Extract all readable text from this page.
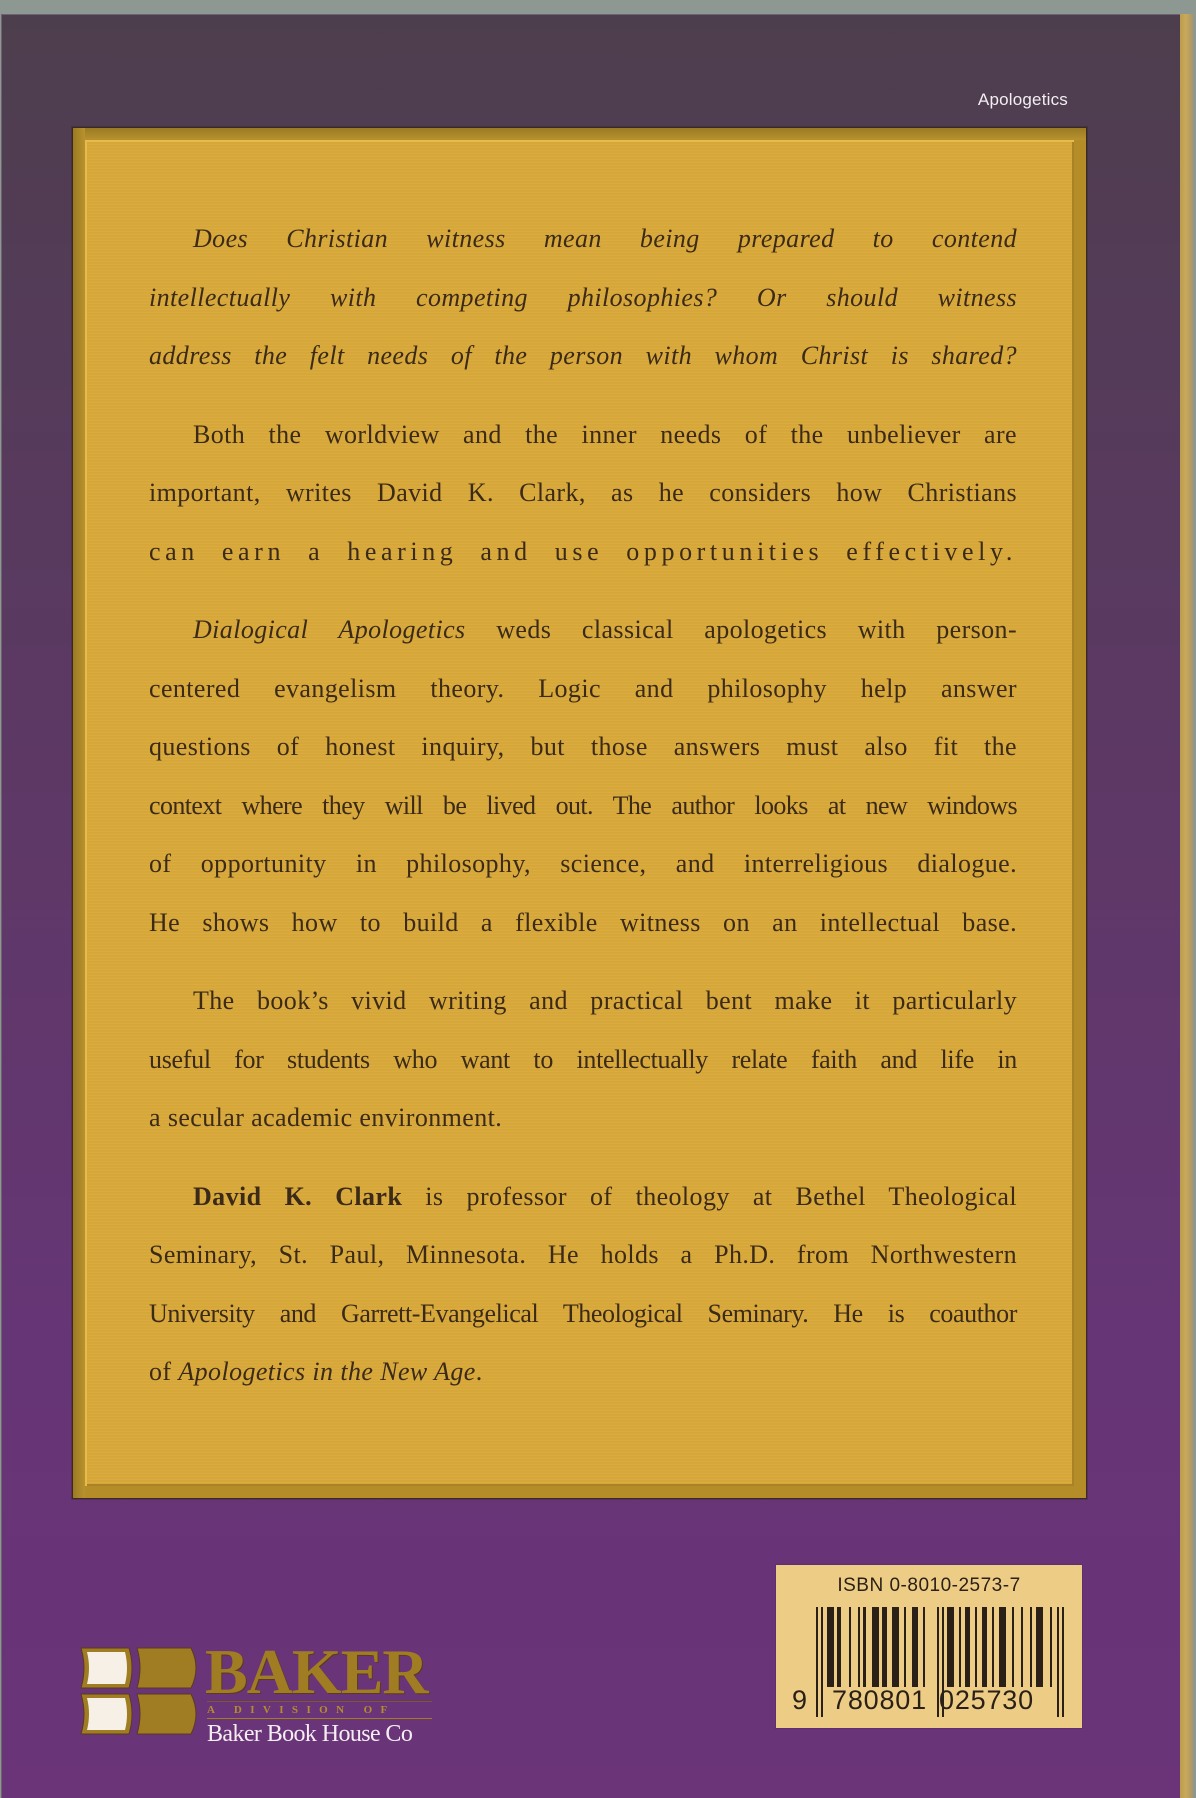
Apologetics
Does Christian witness mean being prepared to contend
intellectually with competing philosophies? Or should witness
address the felt needs of the person with whom Christ is shared?
Both the worldview and the inner needs of the unbeliever are
important, writes David K. Clark, as he considers how Christians
can earn a hearing and use opportunities effectively.
Dialogical Apologetics weds classical apologetics with person-
centered evangelism theory. Logic and philosophy help answer
questions of honest inquiry, but those answers must also fit the
context where they will be lived out. The author looks at new windows
of opportunity in philosophy, science, and interreligious dialogue.
He shows how to build a flexible witness on an intellectual base.
The book’s vivid writing and practical bent make it particularly
useful for students who want to intellectually relate faith and life in
a secular academic environment.
David K. Clark is professor of theology at Bethel Theological
Seminary, St. Paul, Minnesota. He holds a Ph.D. from Northwestern
University and Garrett-Evangelical Theological Seminary. He is coauthor
of Apologetics in the New Age.
BAKER
A DIVISION OF
Baker Book House Co
ISBN 0-8010-2573-7
9 780801 025730
